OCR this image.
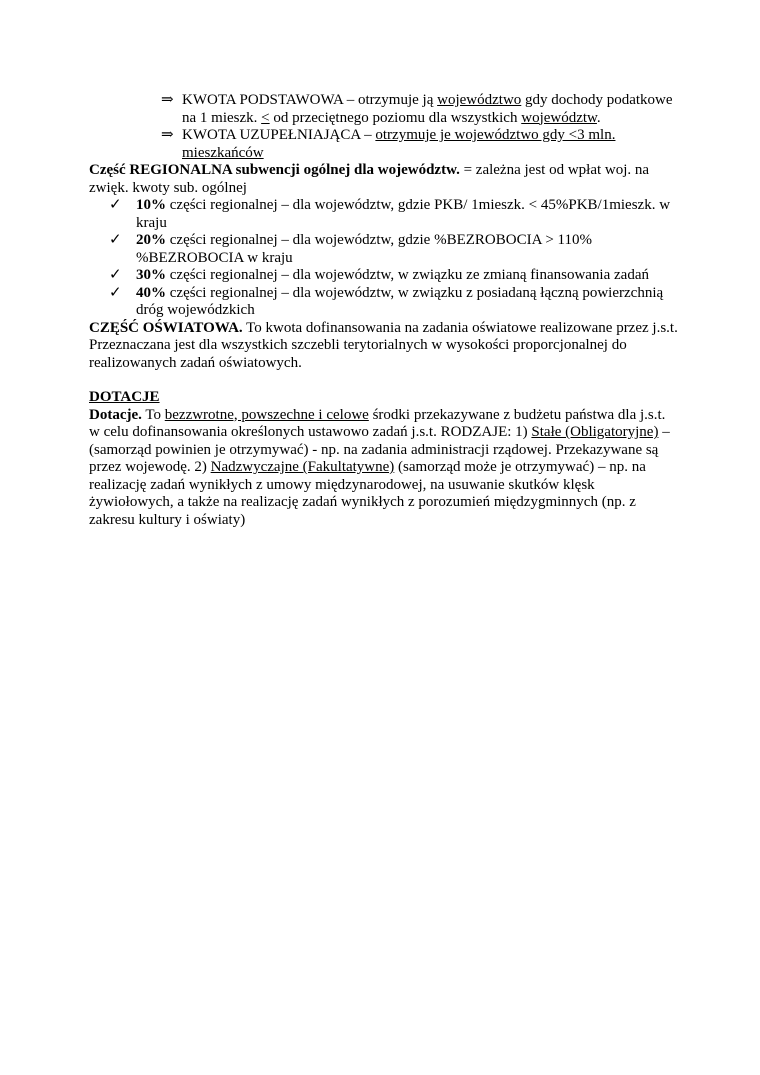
⇒ KWOTA PODSTAWOWA – otrzymuje ją województwo gdy dochody podatkowe na 1 mieszk. < od przeciętnego poziomu dla wszystkich województw.
⇒ KWOTA UZUPEŁNIAJĄCA – otrzymuje je województwo gdy <3 mln. mieszkańców

Część REGIONALNA subwencji ogólnej dla województw. = zależna jest od wpłat woj. na zwięk. kwoty sub. ogólnej

✓ 10% części regionalnej – dla województw, gdzie PKB/ 1mieszk. < 45%PKB/1mieszk. w kraju
✓ 20% części regionalnej – dla województw, gdzie %BEZROBOCIA > 110% %BEZROBOCIA w kraju
✓ 30% części regionalnej – dla województw, w związku ze zmianą finansowania zadań
✓ 40% części regionalnej – dla województw, w związku z posiadaną łączną powierzchnią dróg wojewódzkich

CZĘŚĆ OŚWIATOWA. To kwota dofinansowania na zadania oświatowe realizowane przez j.s.t. Przeznaczana jest dla wszystkich szczebli terytorialnych w wysokości proporcjonalnej do realizowanych zadań oświatowych.

DOTACJE

Dotacje. To bezzwrotne, powszechne i celowe środki przekazywane z budżetu państwa dla j.s.t. w celu dofinansowania określonych ustawowo zadań j.s.t. RODZAJE: 1) Stałe (Obligatoryjne) – (samorząd powinien je otrzymywać) - np. na zadania administracji rządowej. Przekazywane są przez wojewodę. 2) Nadzwyczajne (Fakultatywne) (samorząd może je otrzymywać) – np. na realizację zadań wynikłych z umowy międzynarodowej, na usuwanie skutków klęsk żywiołowych, a także na realizację zadań wynikłych z porozumień międzygminnych (np. z zakresu kultury i oświaty)
